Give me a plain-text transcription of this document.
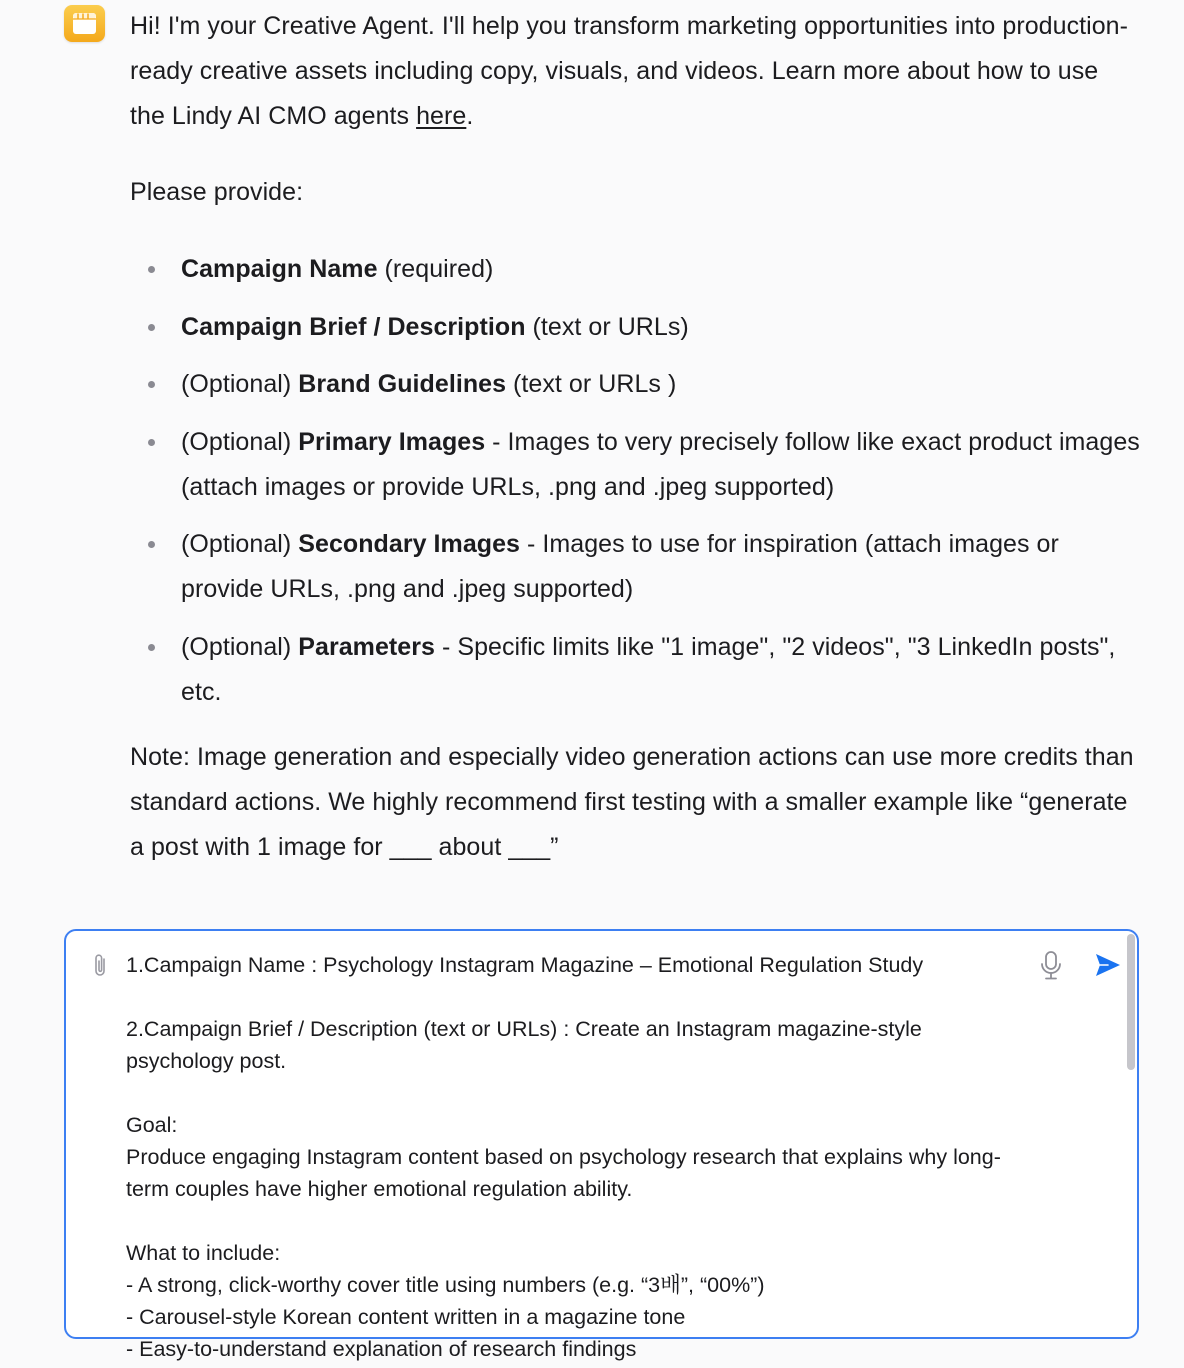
Hi! I'm your Creative Agent. I'll help you transform marketing opportunities into production-ready creative assets including copy, visuals, and videos. Learn more about how to use the Lindy AI CMO agents here.

Please provide:

Campaign Name (required)
Campaign Brief / Description (text or URLs)
(Optional) Brand Guidelines (text or URLs )
(Optional) Primary Images - Images to very precisely follow like exact product images (attach images or provide URLs, .png and .jpeg supported)
(Optional) Secondary Images - Images to use for inspiration (attach images or provide URLs, .png and .jpeg supported)
(Optional) Parameters - Specific limits like "1 image", "2 videos", "3 LinkedIn posts", etc.

Note: Image generation and especially video generation actions can use more credits than standard actions. We highly recommend first testing with a smaller example like “generate a post with 1 image for ___ about ___”

1.Campaign Name : Psychology Instagram Magazine – Emotional Regulation Study

2.Campaign Brief / Description (text or URLs) : Create an Instagram magazine-style psychology post.

Goal:
Produce engaging Instagram content based on psychology research that explains why long-term couples have higher emotional regulation ability.

What to include:
- A strong, click-worthy cover title using numbers (e.g. “3배”, “00%”)
- Carousel-style Korean content written in a magazine tone
- Easy-to-understand explanation of research findings
